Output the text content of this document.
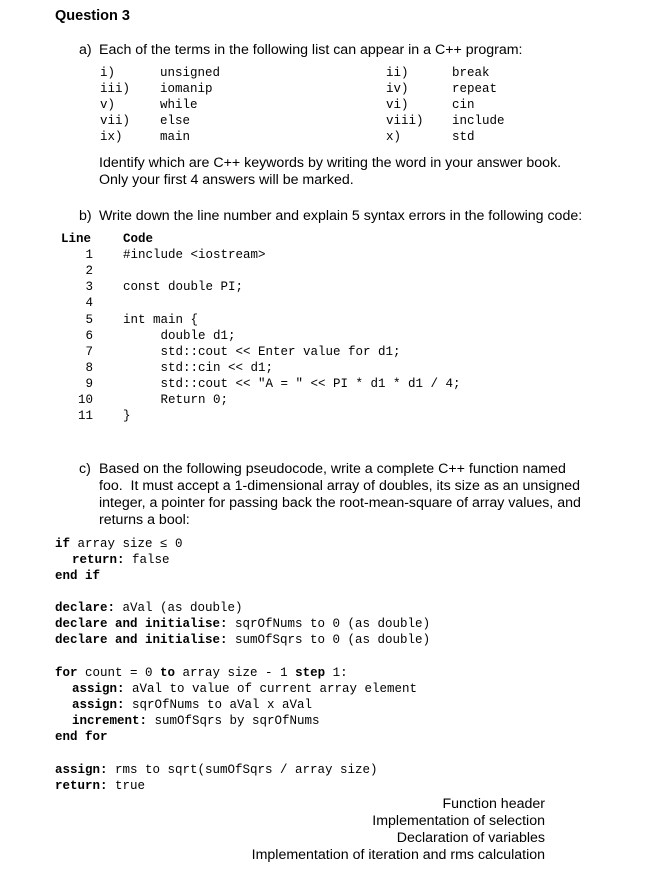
Question 3
a) Each of the terms in the following list can appear in a C++ program:
i)	unsigned	ii)	break
iii) iomanip	iv)	repeat
v)	while	vi)	cin
vii) else	viii) include
ix)	main	x)	std
Identify which are C++ keywords by writing the word in your answer book.
Only your first 4 answers will be marked.
b) Write down the line number and explain 5 syntax errors in the following code:
Line	Code
1 #include <iostream>
2
3 const double PI;
4
5 int main {
6 double d1;
7 std::cout << Enter value for d1;
8 std::cin << d1;
9 std::cout << "A = " << PI * d1 * d1 / 4;
10 Return 0;
11 }
c) Based on the following pseudocode, write a complete C++ function named
foo.  It must accept a 1-dimensional array of doubles, its size as an unsigned
integer, a pointer for passing back the root-mean-square of array values, and
returns a bool:
if array size ≤ 0
return: false
end if
declare: aVal (as double)
declare and initialise: sqrOfNums to 0 (as double)
declare and initialise: sumOfSqrs to 0 (as double)
for count = 0 to array size - 1 step 1:
assign: aVal to value of current array element
assign: sqrOfNums to aVal x aVal
increment: sumOfSqrs by sqrOfNums
end for
assign: rms to sqrt(sumOfSqrs / array size)
return: true
Function header
Implementation of selection
Declaration of variables
Implementation of iteration and rms calculation
